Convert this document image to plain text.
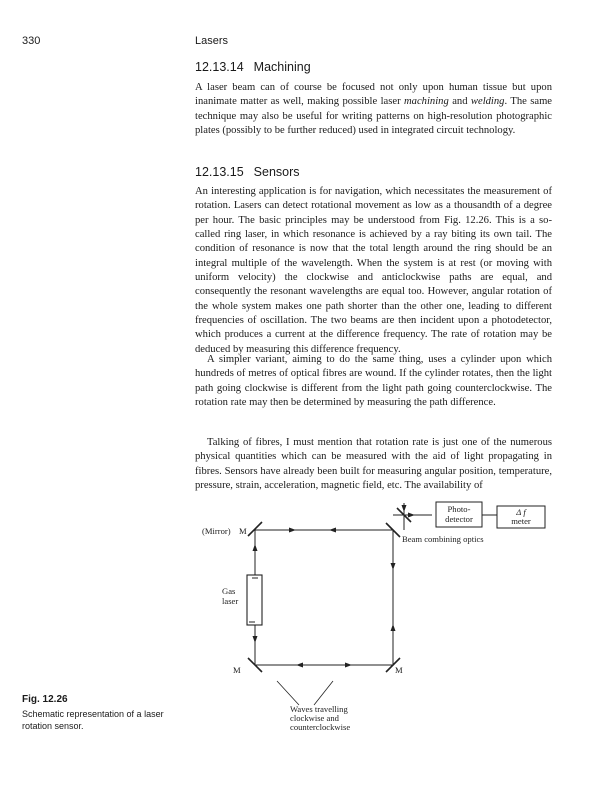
330	Lasers
12.13.14 Machining

A laser beam can of course be focused not only upon human tissue but upon inanimate matter as well, making possible laser machining and welding. The same technique may also be useful for writing patterns on high-resolution photographic plates (possibly to be further reduced) used in integrated circuit technology.

12.13.15 Sensors

An interesting application is for navigation, which necessitates the measurement of rotation. Lasers can detect rotational movement as low as a thousandth of a degree per hour. The basic principles may be understood from Fig. 12.26. This is a so-called ring laser, in which resonance is achieved by a ray biting its own tail. The condition of resonance is now that the total length around the ring should be an integral multiple of the wavelength. When the system is at rest (or moving with uniform velocity) the clockwise and anticlockwise paths are equal, and consequently the resonant wavelengths are equal too. However, angular rotation of the whole system makes one path shorter than the other one, leading to different frequencies of oscillation. The two beams are then incident upon a photodetector, which produces a current at the difference frequency. The rate of rotation may be deduced by measuring this difference frequency.

A simpler variant, aiming to do the same thing, uses a cylinder upon which hundreds of metres of optical fibres are wound. If the cylinder rotates, then the light path going clockwise is different from the light path going counterclockwise. The rotation rate may then be determined by measuring the path difference.

Talking of fibres, I must mention that rotation rate is just one of the numerous physical quantities which can be measured with the aid of light propagating in fibres. Sensors have already been built for measuring angular position, temperature, pressure, strain, acceleration, magnetic field, etc. The availability of

Photo-
detector
Δ f
meter
Beam combining optics
(Mirror) M
M	M
Gas
laser
Waves travelling
clockwise and
counterclockwise
Fig. 12.26
Schematic representation of a laser rotation sensor.
